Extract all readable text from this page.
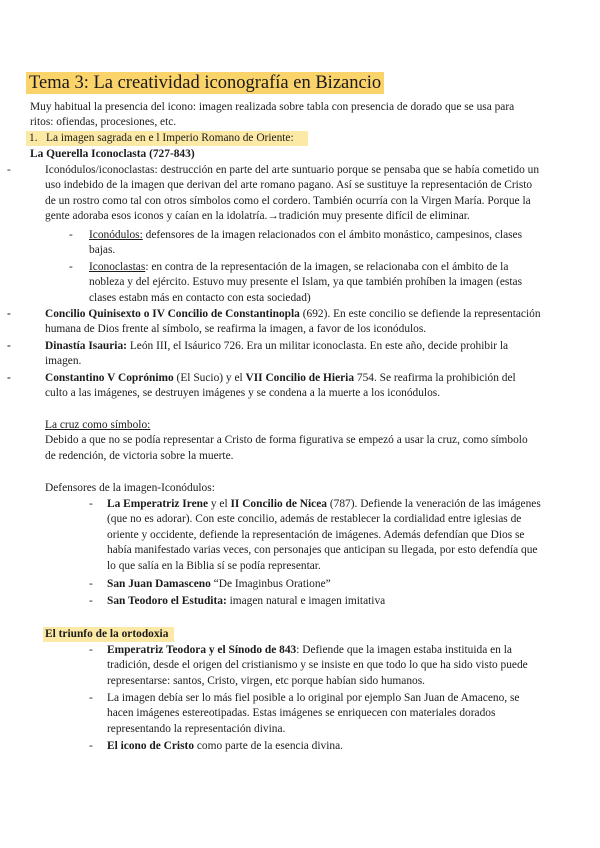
Tema 3: La creatividad iconografía en Bizancio
Muy habitual la presencia del icono: imagen realizada sobre tabla con presencia de dorado que se usa para
ritos: ofiendas, procesiones, etc.
1. La imagen sagrada en e l Imperio Romano de Oriente:
La Querella Iconoclasta (727-843)
-	Iconódulos/iconoclastas: destrucción en parte del arte suntuario porque se pensaba que se había cometido un
uso indebido de la imagen que derivan del arte romano pagano. Así se sustituye la representación de Cristo
de un rostro como tal con otros símbolos como el cordero. También ocurría con la Virgen María. Porque la
gente adoraba esos iconos y caían en la idolatría.→tradición muy presente difícil de eliminar.
- Iconódulos: defensores de la imagen relacionados con el ámbito monástico, campesinos, clases
bajas.
- Iconoclastas: en contra de la representación de la imagen, se relacionaba con el ámbito de la
nobleza y del ejército. Estuvo muy presente el Islam, ya que también prohíben la imagen (estas
clases estabn más en contacto con esta sociedad)
-	Concilio Quinisexto o IV Concilio de Constantinopla (692). En este concilio se defiende la representación
humana de Dios frente al símbolo, se reafirma la imagen, a favor de los iconódulos.
-	Dinastía Isauria: León III, el Isáurico 726. Era un militar iconoclasta. En este año, decide prohibir la
imagen.
-	Constantino V Coprónimo (El Sucio) y el VII Concilio de Hieria 754. Se reafirma la prohibición del
culto a las imágenes, se destruyen imágenes y se condena a la muerte a los iconódulos.
La cruz como símbolo:
Debido a que no se podía representar a Cristo de forma figurativa se empezó a usar la cruz, como símbolo
de redención, de victoria sobre la muerte.
Defensores de la imagen-Iconódulos:
- La Emperatriz Irene y el II Concilio de Nicea (787). Defiende la veneración de las imágenes
(que no es adorar). Con este concilio, además de restablecer la cordialidad entre iglesias de
oriente y occidente, defiende la representación de imágenes. Además defendían que Dios se
había manifestado varias veces, con personajes que anticipan su llegada, por esto defendía que
lo que salía en la Biblia sí se podía representar.
- San Juan Damasceno “De Imaginbus Oratione”
- San Teodoro el Estudita: imagen natural e imagen imitativa
El triunfo de la ortodoxia
- Emperatriz Teodora y el Sínodo de 843: Defiende que la imagen estaba instituida en la
tradición, desde el origen del cristianismo y se insiste en que todo lo que ha sido visto puede
representarse: santos, Cristo, virgen, etc porque habían sido humanos.
- La imagen debía ser lo más fiel posible a lo original por ejemplo San Juan de Amaceno, se
hacen imágenes estereotipadas. Estas imágenes se enriquecen con materiales dorados
representando la representación divina.
- El icono de Cristo como parte de la esencia divina.
